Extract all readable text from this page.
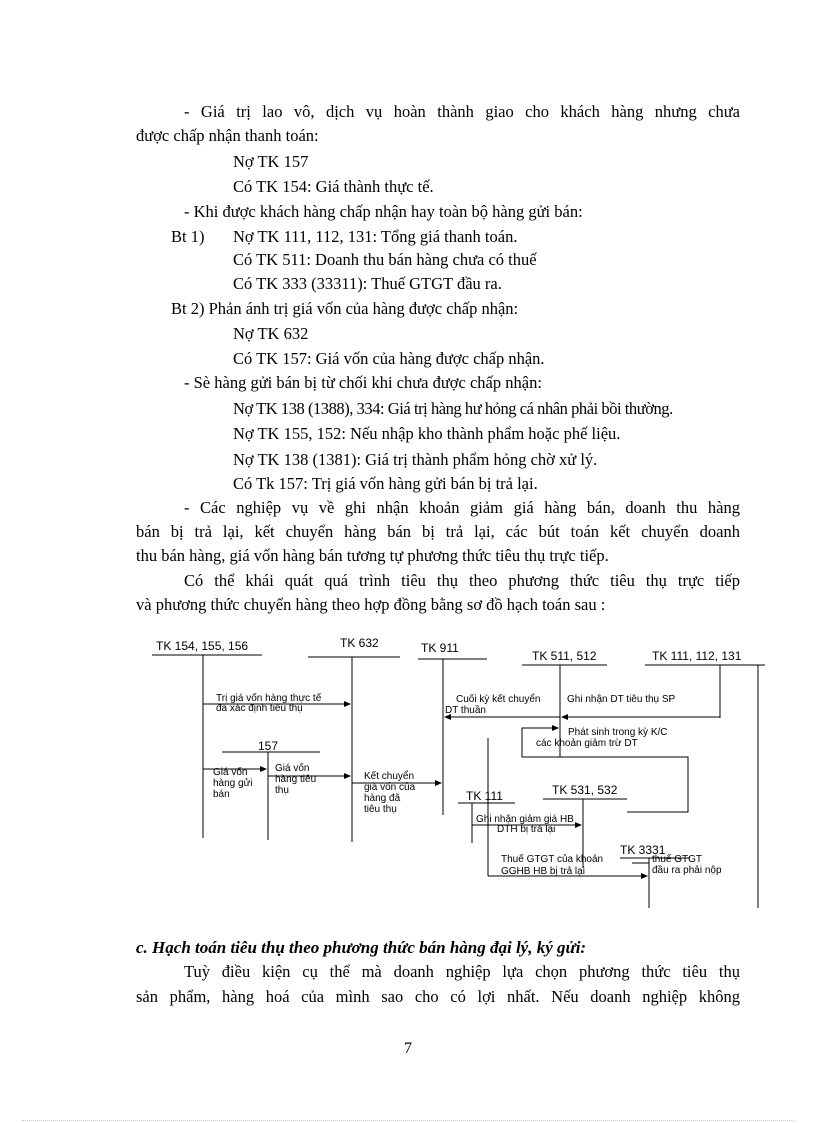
- Giá trị lao vô, dịch vụ hoàn thành giao cho khách hàng nhưng chưa
được chấp nhận thanh toán:
Nợ TK 157
Có TK 154: Giá thành thực tế.
- Khi được khách hàng chấp nhận hay toàn bộ hàng gửi bán:
Bt 1) Nợ TK 111, 112, 131: Tổng giá thanh toán.
Có TK 511: Doanh thu bán hàng chưa có thuế
Có TK 333 (33311): Thuế GTGT đầu ra.
Bt 2) Phản ánh trị giá vốn của hàng được chấp nhận:
Nợ TK 632
Có TK 157: Giá vốn của hàng được chấp nhận.
- Sè hàng gửi bán bị từ chối khi chưa được chấp nhận:
Nợ TK 138 (1388), 334: Giá trị hàng hư hỏng cá nhân phải bồi thường.
Nợ TK 155, 152: Nếu nhập kho thành phẩm hoặc phế liệu.
Nợ TK 138 (1381): Giá trị thành phẩm hỏng chờ xử lý.
Có Tk 157: Trị giá vốn hàng gửi bán bị trả lại.
- Các nghiệp vụ về ghi nhận khoản giảm giá hàng bán, doanh thu hàng
bán bị trả lại, kết chuyển hàng bán bị trả lại, các bút toán kết chuyển doanh
thu bán hàng, giá vốn hàng bán tương tự phương thức tiêu thụ trực tiếp.
Có thể khái quát quá trình tiêu thụ theo phương thức tiêu thụ trực tiếp
và phương thức chuyển hàng theo hợp đồng bằng sơ đồ hạch toán sau :
TK 154, 155, 156	TK 632	TK 911
TK 511, 512	TK 111, 112, 131
157
TK 111	TK 531, 532
TK 3331
Trị giá vốn hàng thực tế
đã xác định tiêu thụ
Giá vốn
hàng gửi
bán
Giá vốn
hàng tiêu
thụ
Kết chuyển
giá vốn của
hàng đã
tiêu thụ
Cuối kỳ kết chuyển
DT thuần
Ghi nhận DT tiêu thụ SP
Phát sinh trong kỳ K/C
các khoản giảm trừ DT
Ghi nhận giảm giá HB
DTH bị trả lại
Thuế GTGT của khoản
GGHB HB bị trả lại
thuế GTGT
đầu ra phải nộp
c. Hạch toán tiêu thụ theo phương thức bán hàng đại lý, ký gửi:
Tuỳ điều kiện cụ thể mà doanh nghiệp lựa chọn phương thức tiêu thụ
sản phẩm, hàng hoá của mình sao cho có lợi nhất. Nếu doanh nghiệp không
7
